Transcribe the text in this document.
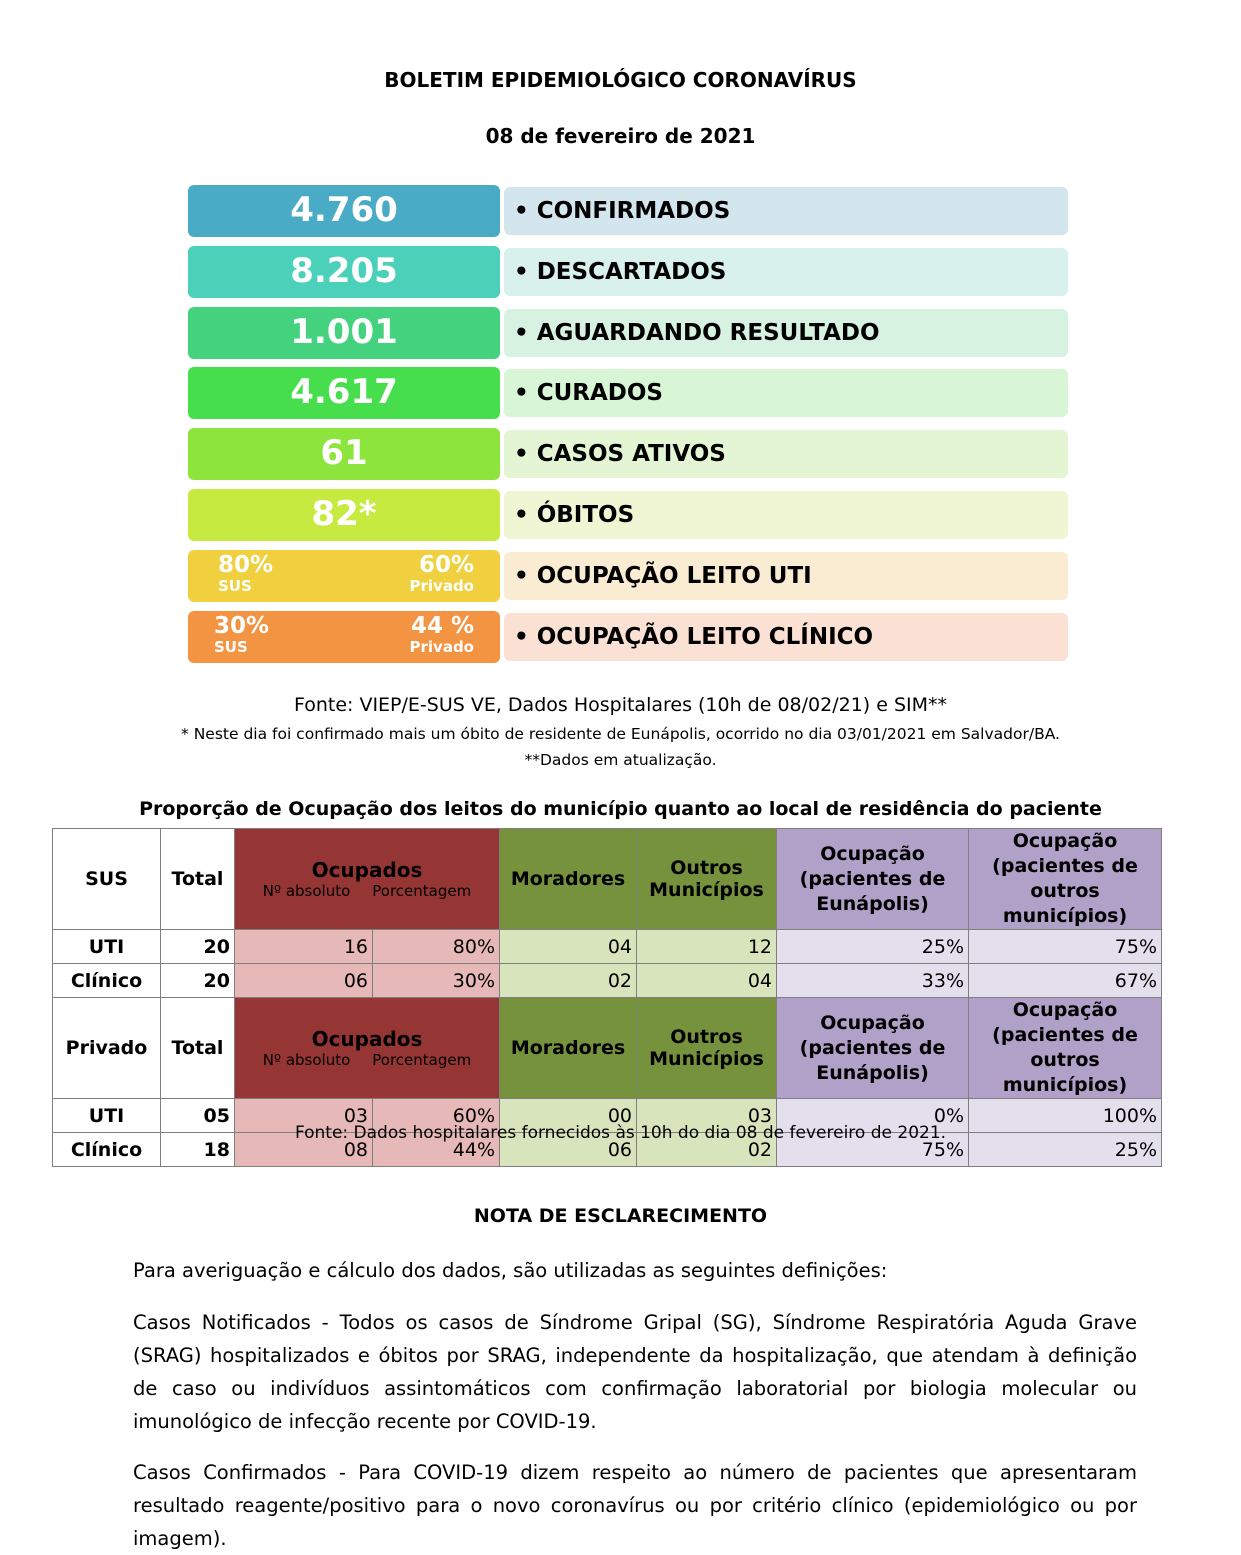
BOLETIM EPIDEMIOLÓGICO CORONAVÍRUS
08 de fevereiro de 2021
4.760	• CONFIRMADOS
8.205	• DESCARTADOS
1.001	• AGUARDANDO RESULTADO
4.617	• CURADOS
61	• CASOS ATIVOS
82*	• ÓBITOS
80%
SUS
60%
Privado	• OCUPAÇÃO LEITO UTI
30%
SUS
44 %
Privado	• OCUPAÇÃO LEITO CLÍNICO
Fonte: VIEP/E-SUS VE, Dados Hospitalares (10h de 08/02/21) e SIM**
* Neste dia foi confirmado mais um óbito de residente de Eunápolis, ocorrido no dia 03/01/2021 em Salvador/BA.
**Dados em atualização.
Proporção de Ocupação dos leitos do município quanto ao local de residência do paciente
SUS	Total	Ocupados
Nº absoluto Porcentagem		Moradores	Outros Municípios	Ocupação (pacientes de Eunápolis)	Ocupação (pacientes de outros municípios)
UTI	20	16	80%	04	12	25%	75%
Clínico	20	06	30%	02	04	33%	67%
Privado	Total	Ocupados
Nº absoluto Porcentagem		Moradores	Outros Municípios	Ocupação (pacientes de Eunápolis)	Ocupação (pacientes de outros municípios)
UTI	05	03	60%	00	03	0%	100%
Clínico	18	08	44%	06	02	75%	25%
Fonte: Dados hospitalares fornecidos às 10h do dia 08 de fevereiro de 2021.
NOTA DE ESCLARECIMENTO
Para averiguação e cálculo dos dados, são utilizadas as seguintes definições:
Casos Notificados - Todos os casos de Síndrome Gripal (SG), Síndrome Respiratória Aguda Grave (SRAG) hospitalizados e óbitos por SRAG, independente da hospitalização, que atendam à definição de caso ou indivíduos assintomáticos com confirmação laboratorial por biologia molecular ou imunológico de infecção recente por COVID-19.
Casos Confirmados - Para COVID-19 dizem respeito ao número de pacientes que apresentaram resultado reagente/positivo para o novo coronavírus ou por critério clínico (epidemiológico ou por imagem).
